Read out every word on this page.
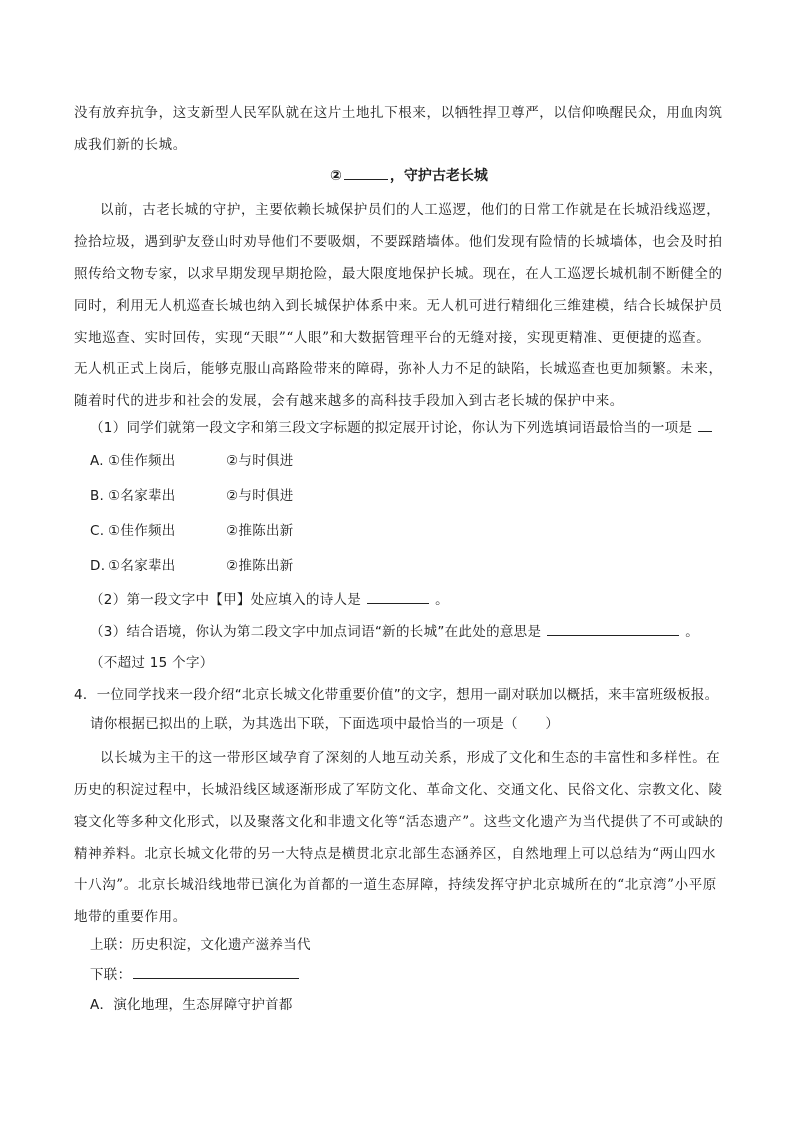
没有放弃抗争，这支新型人民军队就在这片土地扎下根来，以牺牲捍卫尊严，以信仰唤醒民众，用血肉筑
成我们新的长城。
②	，守护古老长城
以前，古老长城的守护，主要依赖长城保护员们的人工巡逻，他们的日常工作就是在长城沿线巡逻，
捡拾垃圾，遇到驴友登山时劝导他们不要吸烟，不要踩踏墙体。他们发现有险情的长城墙体，也会及时拍
照传给文物专家，以求早期发现早期抢险，最大限度地保护长城。现在，在人工巡逻长城机制不断健全的
同时，利用无人机巡查长城也纳入到长城保护体系中来。无人机可进行精细化三维建模，结合长城保护员
实地巡查、实时回传，实现“天眼”“人眼”和大数据管理平台的无缝对接，实现更精准、更便捷的巡查。
无人机正式上岗后，能够克服山高路险带来的障碍，弥补人力不足的缺陷，长城巡查也更加频繁。未来，
随着时代的进步和社会的发展，会有越来越多的高科技手段加入到古老长城的保护中来。
（1）同学们就第一段文字和第三段文字标题的拟定展开讨论，你认为下列选填词语最恰当的一项是
A. ①佳作频出	②与时俱进
B. ①名家辈出	②与时俱进
C. ①佳作频出	②推陈出新
D. ①名家辈出	②推陈出新
（2）第一段文字中【甲】处应填入的诗人是	。
（3）结合语境，你认为第二段文字中加点词语“新的长城”在此处的意思是	。
（不超过 15 个字）
4．一位同学找来一段介绍“北京长城文化带重要价值”的文字，想用一副对联加以概括，来丰富班级板报。
请你根据已拟出的上联，为其选出下联，下面选项中最恰当的一项是（　　）
以长城为主干的这一带形区域孕育了深刻的人地互动关系，形成了文化和生态的丰富性和多样性。在
历史的积淀过程中，长城沿线区域逐渐形成了军防文化、革命文化、交通文化、民俗文化、宗教文化、陵
寝文化等多种文化形式，以及聚落文化和非遗文化等“活态遗产”。这些文化遗产为当代提供了不可或缺的
精神养料。北京长城文化带的另一大特点是横贯北京北部生态涵养区，自然地理上可以总结为“两山四水
十八沟”。北京长城沿线地带已演化为首都的一道生态屏障，持续发挥守护北京城所在的“北京湾”小平原
地带的重要作用。
上联：历史积淀，文化遗产滋养当代
下联：
A．演化地理，生态屏障守护首都
